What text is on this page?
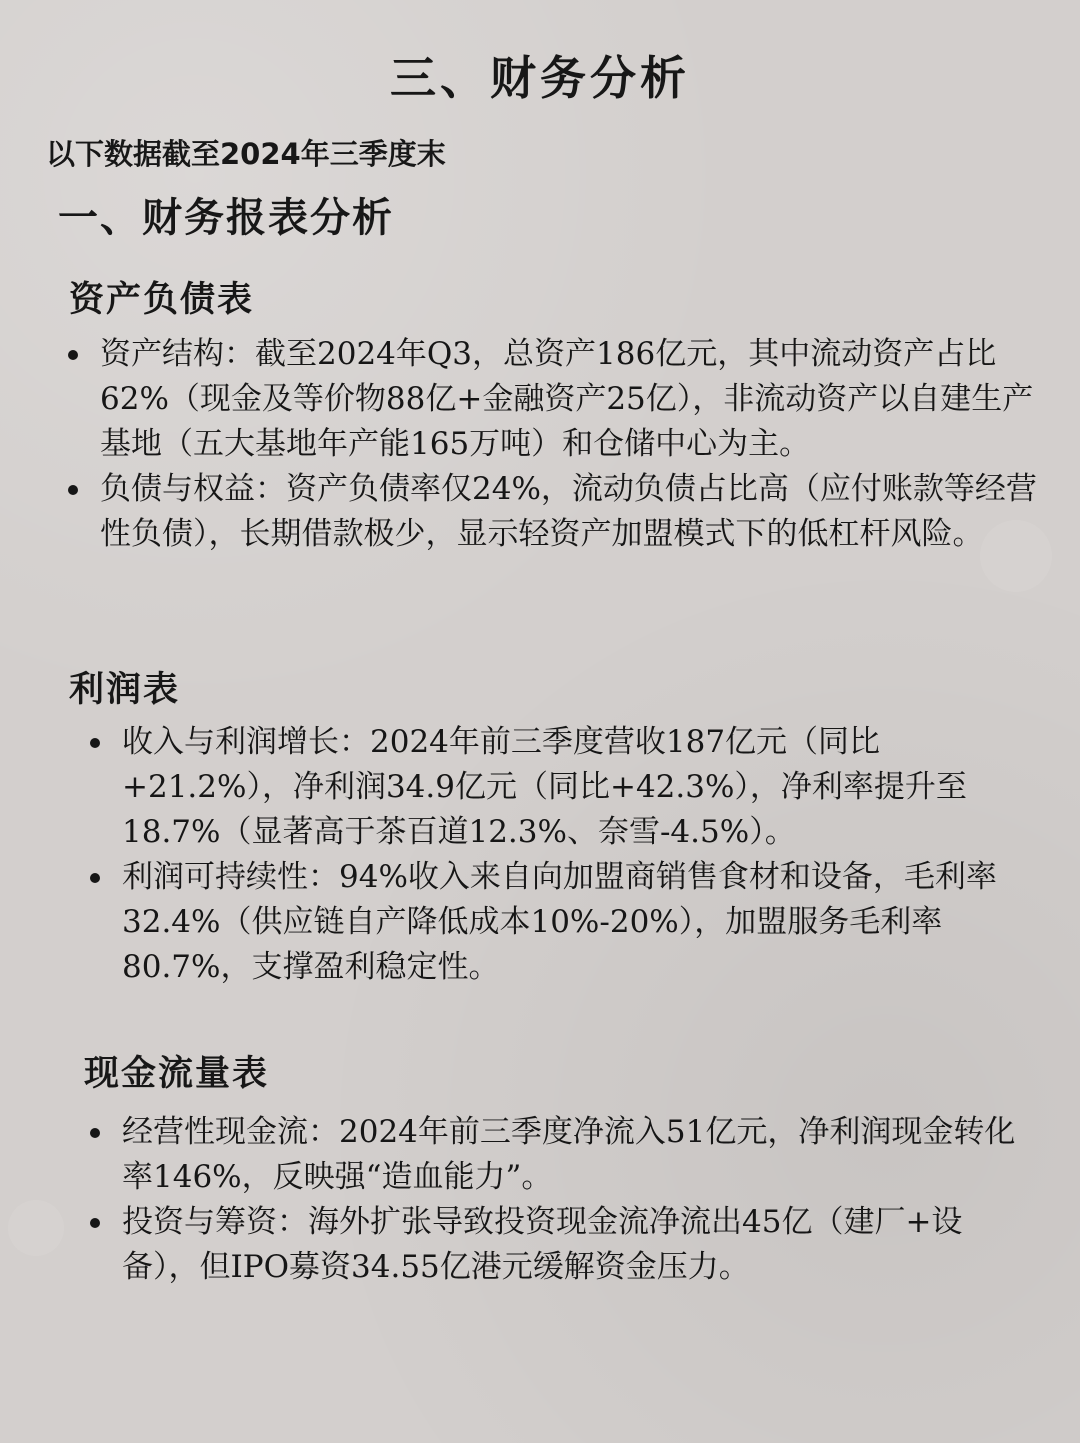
三、财务分析
以下数据截至2024年三季度末
一、财务报表分析
资产负债表
资产结构：截至2024年Q3，总资产186亿元，其中流动资产占比62%（现金及等价物88亿+金融资产25亿），非流动资产以自建生产基地（五大基地年产能165万吨）和仓储中心为主。
负债与权益：资产负债率仅24%，流动负债占比高（应付账款等经营性负债），长期借款极少，显示轻资产加盟模式下的低杠杆风险。
利润表
收入与利润增长：2024年前三季度营收187亿元（同比+21.2%），净利润34.9亿元（同比+42.3%），净利率提升至18.7%（显著高于茶百道12.3%、奈雪-4.5%）。
利润可持续性：94%收入来自向加盟商销售食材和设备，毛利率32.4%（供应链自产降低成本10%-20%），加盟服务毛利率80.7%，支撑盈利稳定性。
现金流量表
经营性现金流：2024年前三季度净流入51亿元，净利润现金转化率146%，反映强“造血能力”。
投资与筹资：海外扩张导致投资现金流净流出45亿（建厂+设备），但IPO募资34.55亿港元缓解资金压力。
